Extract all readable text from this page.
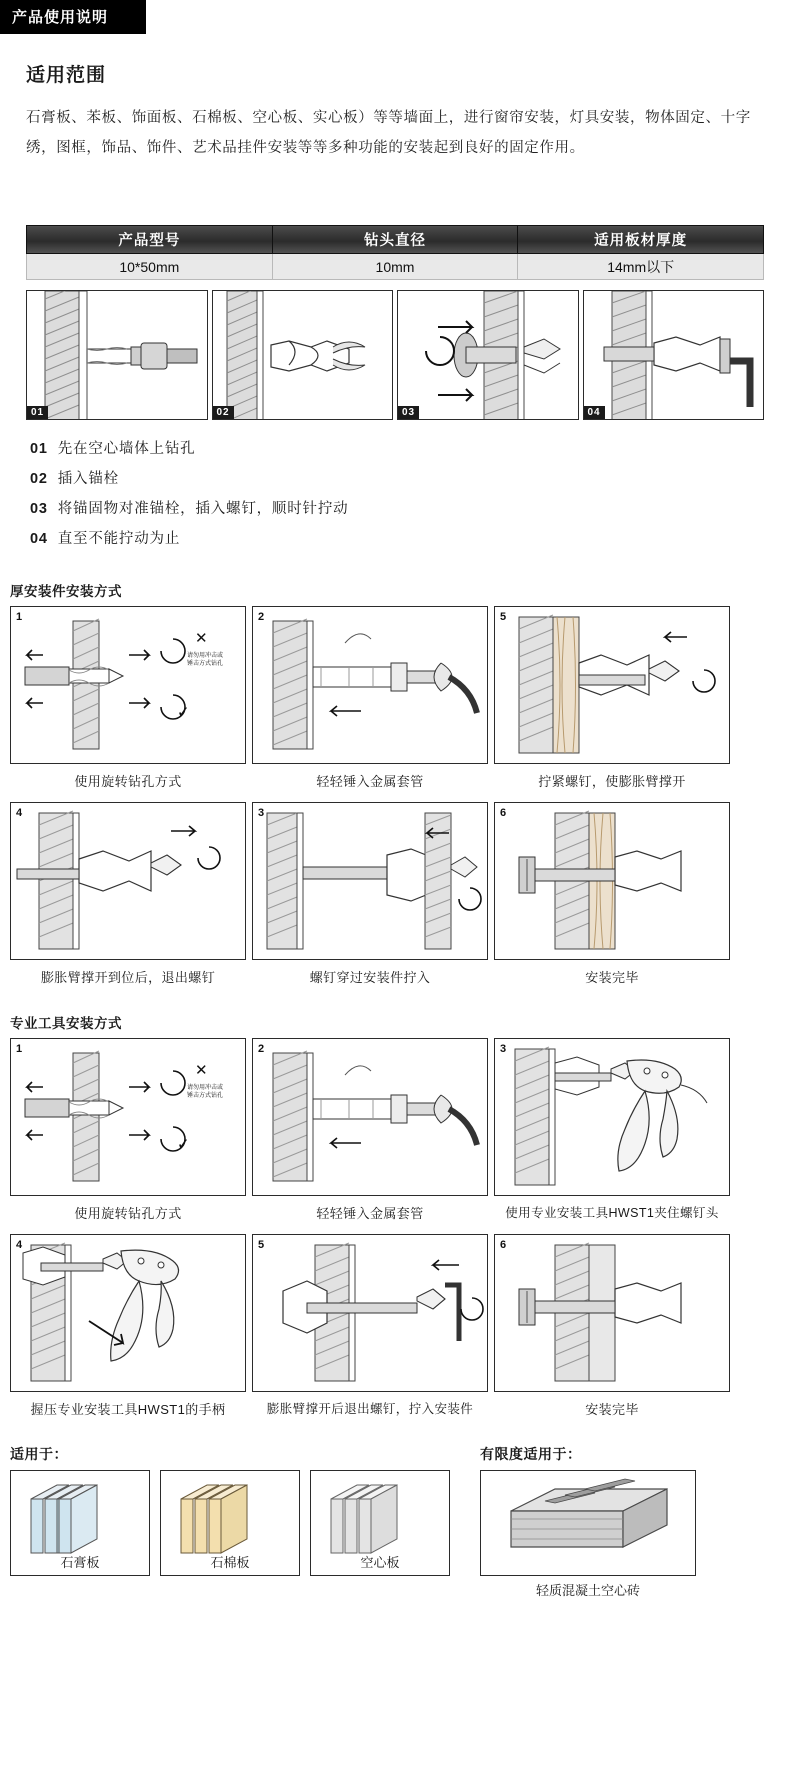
产品使用说明
适用范围

石膏板、苯板、饰面板、石棉板、空心板、实心板）等等墙面上，进行窗帘安装，灯具安装，物体固定、十字绣，图框，饰品、饰件、艺术品挂件安装等等多种功能的安装起到良好的固定作用。

产品型号	钻头直径	适用板材厚度
10*50mm	10mm	14mm以下
01	02	03	04
01 先在空心墙体上钻孔
02 插入锚栓
03 将锚固物对准锚栓，插入螺钉，顺时针拧动
04 直至不能拧动为止
厚安装件安装方式
1
✕
✓
请勿用冲击或
锤击方式钻孔
使用旋转钻孔方式
2
轻轻锤入金属套管
5
拧紧螺钉，使膨胀臂撑开
4
膨胀臂撑开到位后，退出螺钉
3
螺钉穿过安装件拧入
6
安装完毕
专业工具安装方式
1
✕
✓
请勿用冲击或
锤击方式钻孔
使用旋转钻孔方式
2
轻轻锤入金属套管
3
使用专业安装工具HWST1夹住螺钉头
4
握压专业安装工具HWST1的手柄
5
膨胀臂撑开后退出螺钉，拧入安装件
6
安装完毕
适用于：
石膏板	石棉板	空心板
有限度适用于：
轻质混凝土空心砖
